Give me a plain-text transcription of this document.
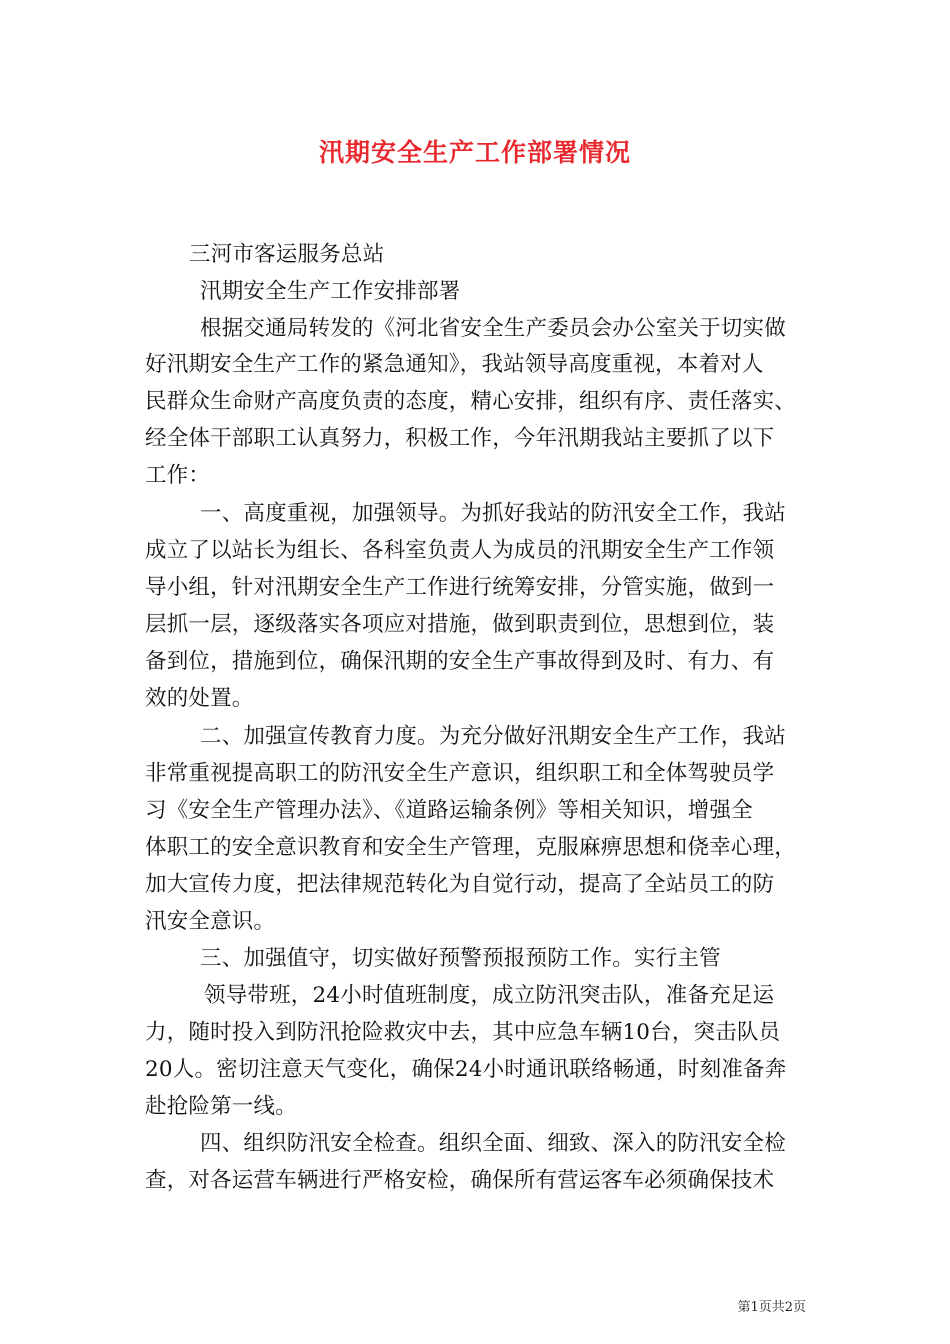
汛期安全生产工作部署情况
三河市客运服务总站
汛期安全生产工作安排部署
根据交通局转发的《河北省安全生产委员会办公室关于切实做
好汛期安全生产工作的紧急通知》，我站领导高度重视，本着对人
民群众生命财产高度负责的态度，精心安排，组织有序、责任落实、
经全体干部职工认真努力，积极工作，今年汛期我站主要抓了以下
工作：
一、高度重视，加强领导。为抓好我站的防汛安全工作，我站
成立了以站长为组长、各科室负责人为成员的汛期安全生产工作领
导小组，针对汛期安全生产工作进行统筹安排，分管实施，做到一
层抓一层，逐级落实各项应对措施，做到职责到位，思想到位，装
备到位，措施到位，确保汛期的安全生产事故得到及时、有力、有
效的处置。
二、加强宣传教育力度。为充分做好汛期安全生产工作，我站
非常重视提高职工的防汛安全生产意识，组织职工和全体驾驶员学
习《安全生产管理办法》、《道路运输条例》等相关知识，增强全
体职工的安全意识教育和安全生产管理，克服麻痹思想和侥幸心理，
加大宣传力度，把法律规范转化为自觉行动，提高了全站员工的防
汛安全意识。
三、加强值守，切实做好预警预报预防工作。实行主管
领导带班，24小时值班制度，成立防汛突击队，准备充足运
力，随时投入到防汛抢险救灾中去，其中应急车辆10台，突击队员
20人。密切注意天气变化，确保24小时通讯联络畅通，时刻准备奔
赴抢险第一线。
四、组织防汛安全检查。组织全面、细致、深入的防汛安全检
查，对各运营车辆进行严格安检，确保所有营运客车必须确保技术
第1页共2页
